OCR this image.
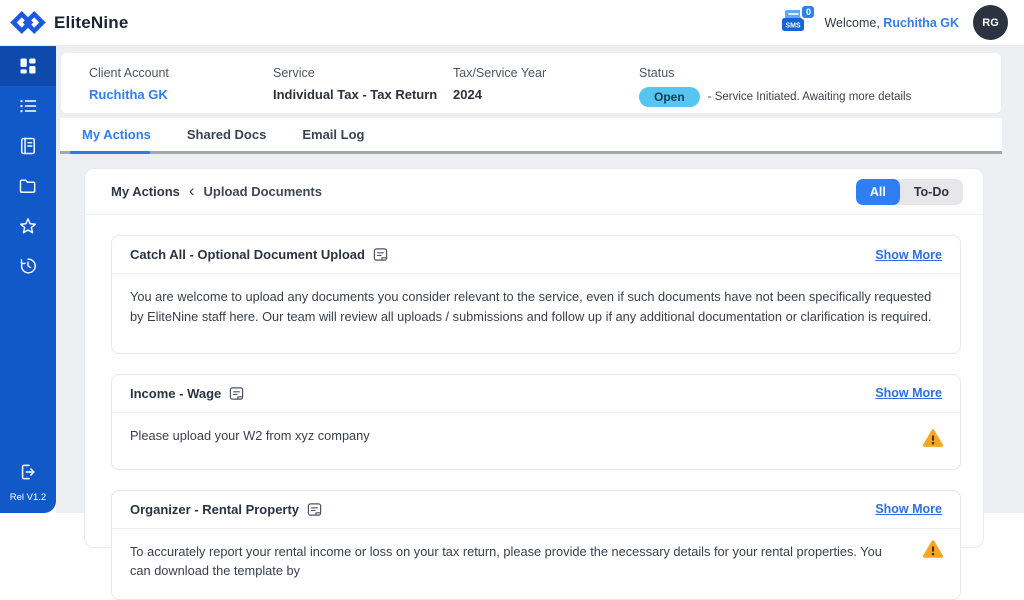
EliteNine	SMS
0
Welcome, Ruchitha GK	RG
Rel V1.2
Client Account
Ruchitha GK
Service
Individual Tax - Tax Return
Tax/Service Year
2024
Status
Open	- Service Initiated. Awaiting more details
My Actions	Shared Docs	Email Log
My Actions ‹ Upload Documents	All	To-Do
Catch All - Optional Document Upload	Show More
You are welcome to upload any documents you consider relevant to the service, even if such documents have not been specifically requested by EliteNine staff here. Our team will review all uploads / submissions and follow up if any additional documentation or clarification is required.
Income - Wage	Show More
Please upload your W2 from xyz company
Organizer - Rental Property	Show More
To accurately report your rental income or loss on your tax return, please provide the necessary details for your rental properties. You can download the template by
